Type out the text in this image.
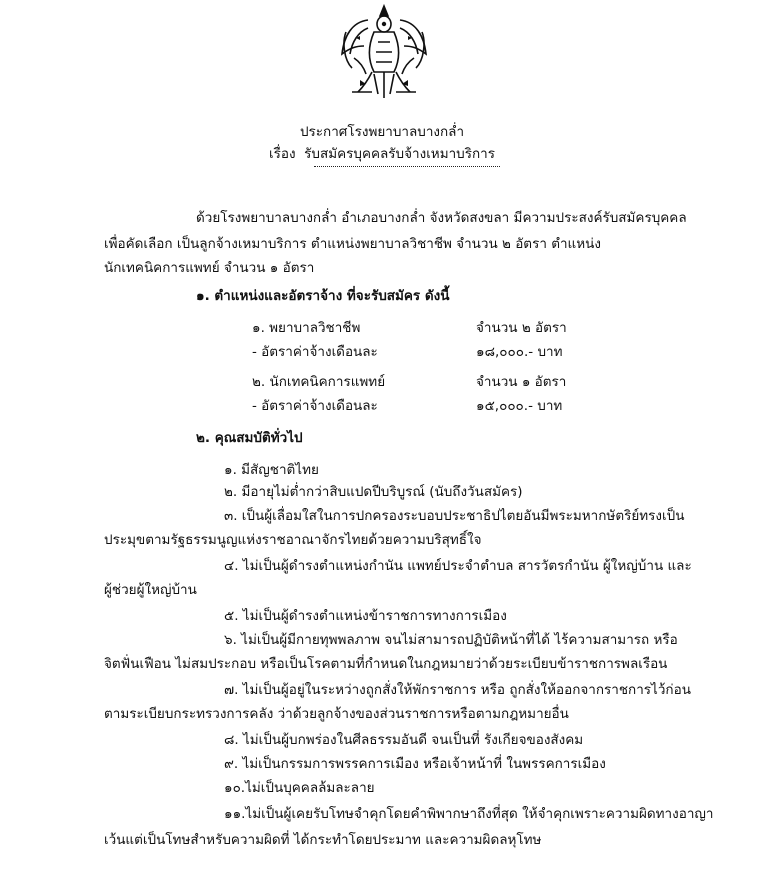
ประกาศโรงพยาบาลบางกล่ำ
เรื่อง รับสมัครบุคคลรับจ้างเหมาบริการ
ด้วยโรงพยาบาลบางกล่ำ อำเภอบางกล่ำ จังหวัดสงขลา มีความประสงค์รับสมัครบุคคล
เพื่อคัดเลือก เป็นลูกจ้างเหมาบริการ ตำแหน่งพยาบาลวิชาชีพ จำนวน ๒ อัตรา ตำแหน่ง
นักเทคนิคการแพทย์ จำนวน ๑ อัตรา
๑. ตำแหน่งและอัตราจ้าง ที่จะรับสมัคร ดังนี้
๑. พยาบาลวิชาชีพ	จำนวน ๒ อัตรา
- อัตราค่าจ้างเดือนละ	๑๘,๐๐๐.- บาท
๒. นักเทคนิคการแพทย์	จำนวน ๑ อัตรา
- อัตราค่าจ้างเดือนละ	๑๕,๐๐๐.- บาท
๒. คุณสมบัติทั่วไป
๑. มีสัญชาติไทย
๒. มีอายุไม่ต่ำกว่าสิบแปดปีบริบูรณ์ (นับถึงวันสมัคร)
๓. เป็นผู้เลื่อมใสในการปกครองระบอบประชาธิปไตยอันมีพระมหากษัตริย์ทรงเป็น
ประมุขตามรัฐธรรมนูญแห่งราชอาณาจักรไทยด้วยความบริสุทธิ์ใจ
๔. ไม่เป็นผู้ดำรงตำแหน่งกำนัน แพทย์ประจำตำบล สารวัตรกำนัน ผู้ใหญ่บ้าน และ
ผู้ช่วยผู้ใหญ่บ้าน
๕. ไม่เป็นผู้ดำรงตำแหน่งข้าราชการทางการเมือง
๖. ไม่เป็นผู้มีกายทุพพลภาพ จนไม่สามารถปฏิบัติหน้าที่ได้ ไร้ความสามารถ หรือ
จิตฟั่นเฟือน ไม่สมประกอบ หรือเป็นโรคตามที่กำหนดในกฎหมายว่าด้วยระเบียบข้าราชการพลเรือน
๗. ไม่เป็นผู้อยู่ในระหว่างถูกสั่งให้พักราชการ หรือ ถูกสั่งให้ออกจากราชการไว้ก่อน
ตามระเบียบกระทรวงการคลัง ว่าด้วยลูกจ้างของส่วนราชการหรือตามกฎหมายอื่น
๘. ไม่เป็นผู้บกพร่องในศีลธรรมอันดี จนเป็นที่ รังเกียจของสังคม
๙. ไม่เป็นกรรมการพรรคการเมือง หรือเจ้าหน้าที่ ในพรรคการเมือง
๑๐.ไม่เป็นบุคคลล้มละลาย
๑๑.ไม่เป็นผู้เคยรับโทษจำคุกโดยคำพิพากษาถึงที่สุด ให้จำคุกเพราะความผิดทางอาญา
เว้นแต่เป็นโทษสำหรับความผิดที่ ได้กระทำโดยประมาท และความผิดลหุโทษ
